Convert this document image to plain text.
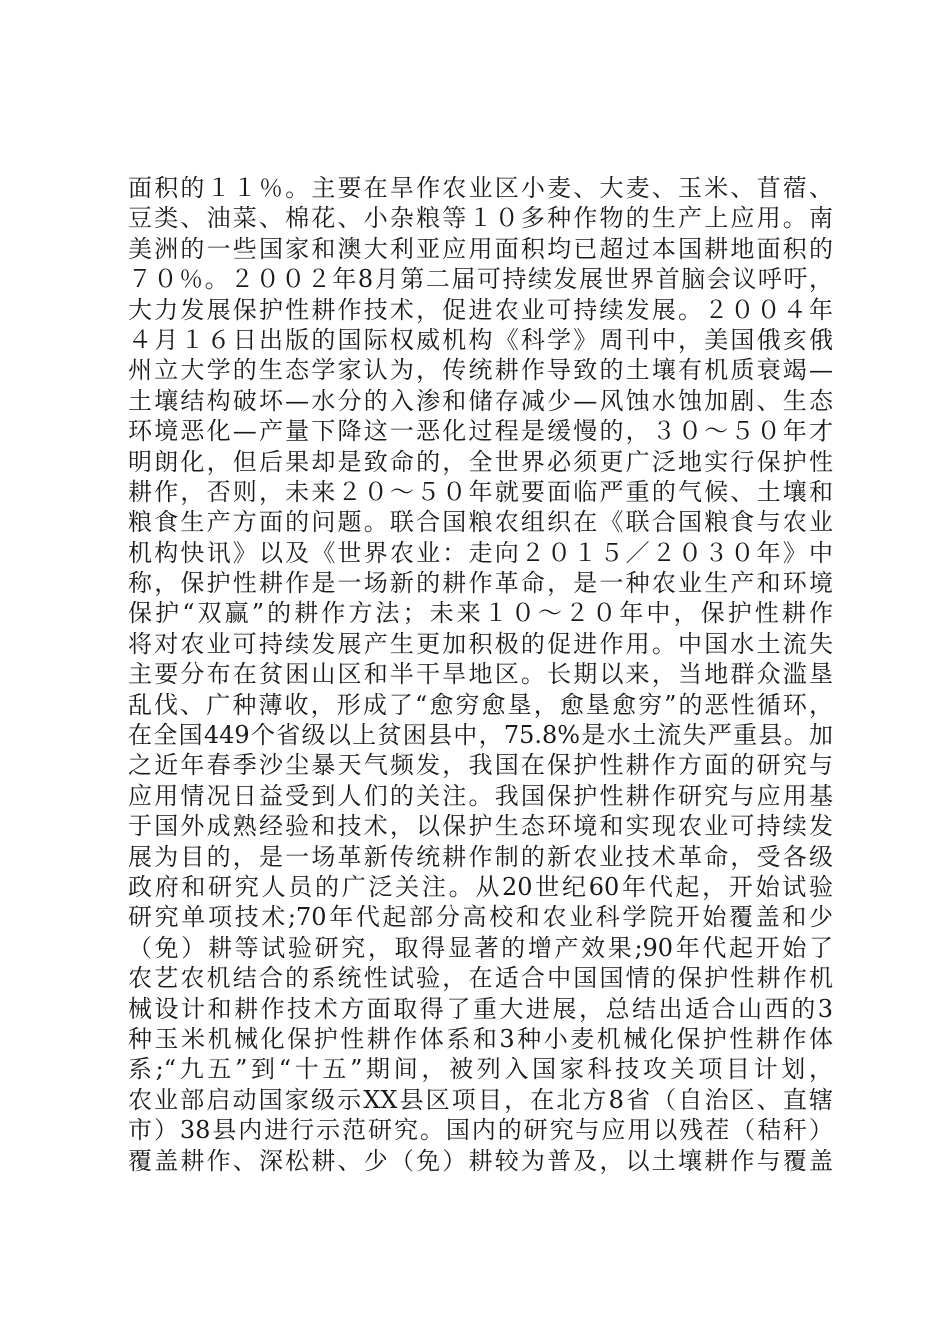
面积的１１％。主要在旱作农业区小麦、大麦、玉米、苜蓿、
豆类、油菜、棉花、小杂粮等１０多种作物的生产上应用。南
美洲的一些国家和澳大利亚应用面积均已超过本国耕地面积的
７０％。２００２年8月第二届可持续发展世界首脑会议呼吁，
大力发展保护性耕作技术，促进农业可持续发展。２００４年
４月１６日出版的国际权威机构《科学》周刊中，美国俄亥俄
州立大学的生态学家认为，传统耕作导致的土壤有机质衰竭—
土壤结构破坏—水分的入渗和储存减少—风蚀水蚀加剧、生态
环境恶化—产量下降这一恶化过程是缓慢的，３０～５０年才
明朗化，但后果却是致命的，全世界必须更广泛地实行保护性
耕作，否则，未来２０～５０年就要面临严重的气候、土壤和
粮食生产方面的问题。联合国粮农组织在《联合国粮食与农业
机构快讯》以及《世界农业：走向２０１５／２０３０年》中
称，保护性耕作是一场新的耕作革命，是一种农业生产和环境
保护“双赢”的耕作方法；未来１０～２０年中，保护性耕作
将对农业可持续发展产生更加积极的促进作用。中国水土流失
主要分布在贫困山区和半干旱地区。长期以来，当地群众滥垦
乱伐、广种薄收，形成了“愈穷愈垦，愈垦愈穷”的恶性循环，
在全国449个省级以上贫困县中，75.8%是水土流失严重县。加
之近年春季沙尘暴天气频发，我国在保护性耕作方面的研究与
应用情况日益受到人们的关注。我国保护性耕作研究与应用基
于国外成熟经验和技术，以保护生态环境和实现农业可持续发
展为目的，是一场革新传统耕作制的新农业技术革命，受各级
政府和研究人员的广泛关注。从20世纪60年代起，开始试验
研究单项技术;70年代起部分高校和农业科学院开始覆盖和少
（免）耕等试验研究，取得显著的增产效果;90年代起开始了
农艺农机结合的系统性试验，在适合中国国情的保护性耕作机
械设计和耕作技术方面取得了重大进展，总结出适合山西的3
种玉米机械化保护性耕作体系和3种小麦机械化保护性耕作体
系;“九五”到“十五”期间，被列入国家科技攻关项目计划，
农业部启动国家级示XX县区项目，在北方8省（自治区、直辖
市）38县内进行示范研究。国内的研究与应用以残茬（秸秆）
覆盖耕作、深松耕、少（免）耕较为普及，以土壤耕作与覆盖
